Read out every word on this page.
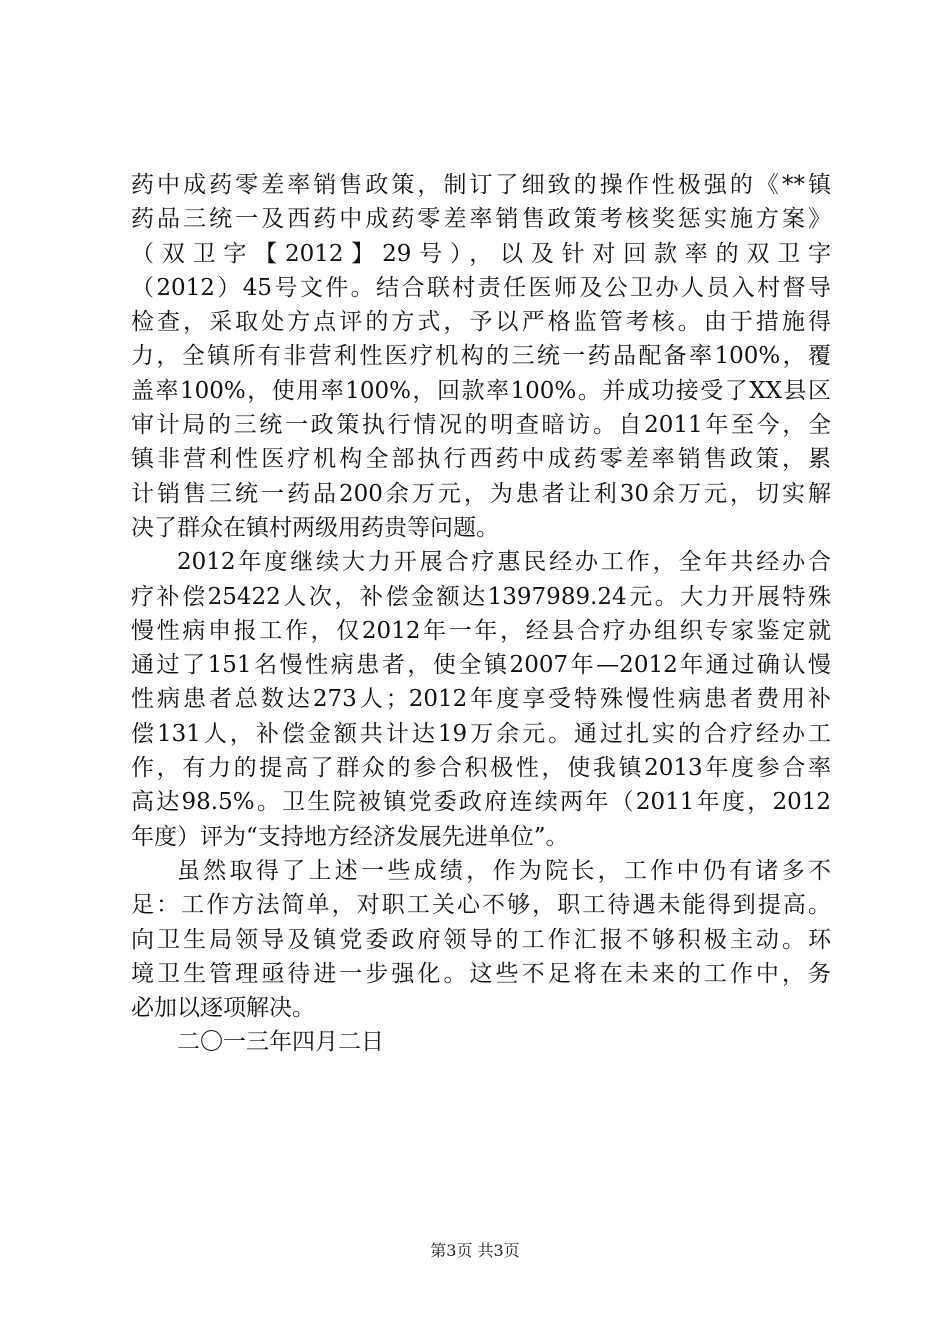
药中成药零差率销售政策，制订了细致的操作性极强的《**镇
药品三统一及西药中成药零差率销售政策考核奖惩实施方案》
（双卫字【2012】29号），以及针对回款率的双卫字
（2012）45号文件。结合联村责任医师及公卫办人员入村督导
检查，采取处方点评的方式，予以严格监管考核。由于措施得
力，全镇所有非营利性医疗机构的三统一药品配备率100%，覆
盖率100%，使用率100%，回款率100%。并成功接受了XX县区
审计局的三统一政策执行情况的明查暗访。自2011年至今，全
镇非营利性医疗机构全部执行西药中成药零差率销售政策，累
计销售三统一药品200余万元，为患者让利30余万元，切实解
决了群众在镇村两级用药贵等问题。
2012年度继续大力开展合疗惠民经办工作，全年共经办合
疗补偿25422人次，补偿金额达1397989.24元。大力开展特殊
慢性病申报工作，仅2012年一年，经县合疗办组织专家鉴定就
通过了151名慢性病患者，使全镇2007年—2012年通过确认慢
性病患者总数达273人；2012年度享受特殊慢性病患者费用补
偿131人，补偿金额共计达19万余元。通过扎实的合疗经办工
作，有力的提高了群众的参合积极性，使我镇2013年度参合率
高达98.5%。卫生院被镇党委政府连续两年（2011年度，2012
年度）评为“支持地方经济发展先进单位”。
虽然取得了上述一些成绩，作为院长，工作中仍有诸多不
足：工作方法简单，对职工关心不够，职工待遇未能得到提高。
向卫生局领导及镇党委政府领导的工作汇报不够积极主动。环
境卫生管理亟待进一步强化。这些不足将在未来的工作中，务
必加以逐项解决。
二〇一三年四月二日
第3页 共3页
